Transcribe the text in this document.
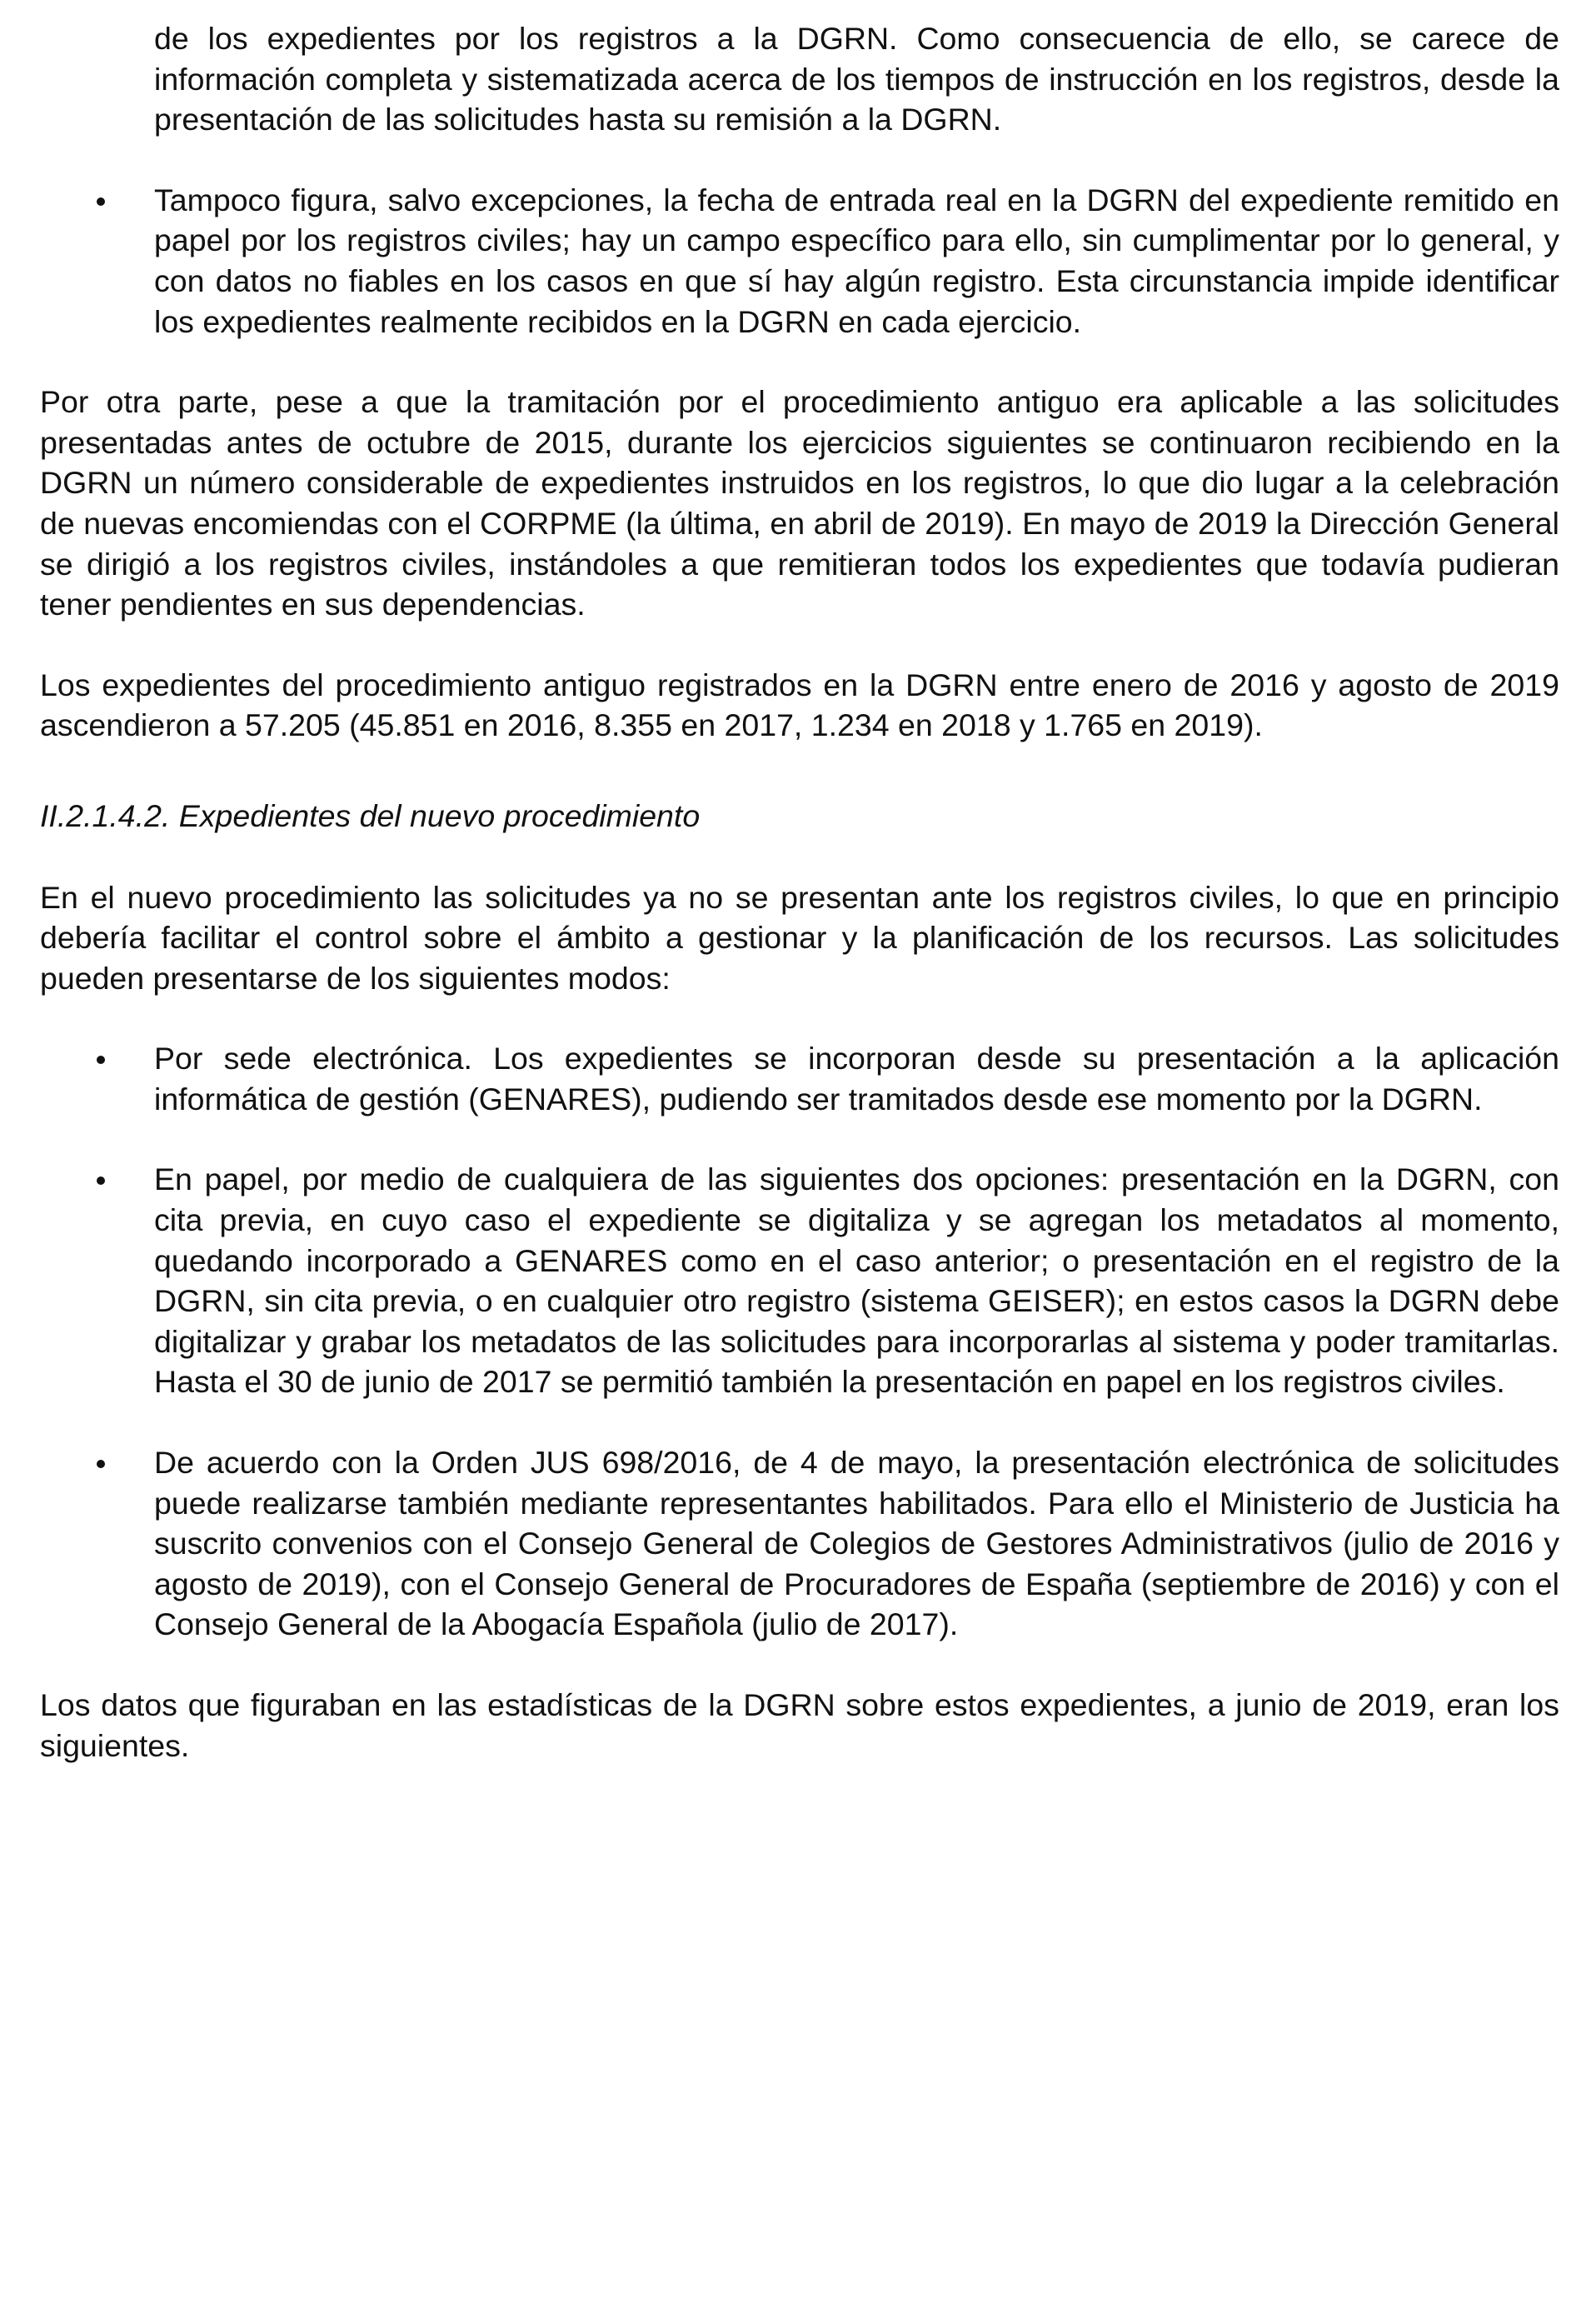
de los expedientes por los registros a la DGRN. Como consecuencia de ello, se carece de información completa y sistematizada acerca de los tiempos de instrucción en los registros, desde la presentación de las solicitudes hasta su remisión a la DGRN.

Tampoco figura, salvo excepciones, la fecha de entrada real en la DGRN del expediente remitido en papel por los registros civiles; hay un campo específico para ello, sin cumplimentar por lo general, y con datos no fiables en los casos en que sí hay algún registro. Esta circunstancia impide identificar los expedientes realmente recibidos en la DGRN en cada ejercicio.

Por otra parte, pese a que la tramitación por el procedimiento antiguo era aplicable a las solicitudes presentadas antes de octubre de 2015, durante los ejercicios siguientes se continuaron recibiendo en la DGRN un número considerable de expedientes instruidos en los registros, lo que dio lugar a la celebración de nuevas encomiendas con el CORPME (la última, en abril de 2019). En mayo de 2019 la Dirección General se dirigió a los registros civiles, instándoles a que remitieran todos los expedientes que todavía pudieran tener pendientes en sus dependencias.

Los expedientes del procedimiento antiguo registrados en la DGRN entre enero de 2016 y agosto de 2019 ascendieron a 57.205 (45.851 en 2016, 8.355 en 2017, 1.234 en 2018 y 1.765 en 2019).

II.2.1.4.2. Expedientes del nuevo procedimiento

En el nuevo procedimiento las solicitudes ya no se presentan ante los registros civiles, lo que en principio debería facilitar el control sobre el ámbito a gestionar y la planificación de los recursos. Las solicitudes pueden presentarse de los siguientes modos:

Por sede electrónica. Los expedientes se incorporan desde su presentación a la aplicación informática de gestión (GENARES), pudiendo ser tramitados desde ese momento por la DGRN.

En papel, por medio de cualquiera de las siguientes dos opciones: presentación en la DGRN, con cita previa, en cuyo caso el expediente se digitaliza y se agregan los metadatos al momento, quedando incorporado a GENARES como en el caso anterior; o presentación en el registro de la DGRN, sin cita previa, o en cualquier otro registro (sistema GEISER); en estos casos la DGRN debe digitalizar y grabar los metadatos de las solicitudes para incorporarlas al sistema y poder tramitarlas. Hasta el 30 de junio de 2017 se permitió también la presentación en papel en los registros civiles.

De acuerdo con la Orden JUS 698/2016, de 4 de mayo, la presentación electrónica de solicitudes puede realizarse también mediante representantes habilitados. Para ello el Ministerio de Justicia ha suscrito convenios con el Consejo General de Colegios de Gestores Administrativos (julio de 2016 y agosto de 2019), con el Consejo General de Procuradores de España (septiembre de 2016) y con el Consejo General de la Abogacía Española (julio de 2017).

Los datos que figuraban en las estadísticas de la DGRN sobre estos expedientes, a junio de 2019, eran los siguientes.
